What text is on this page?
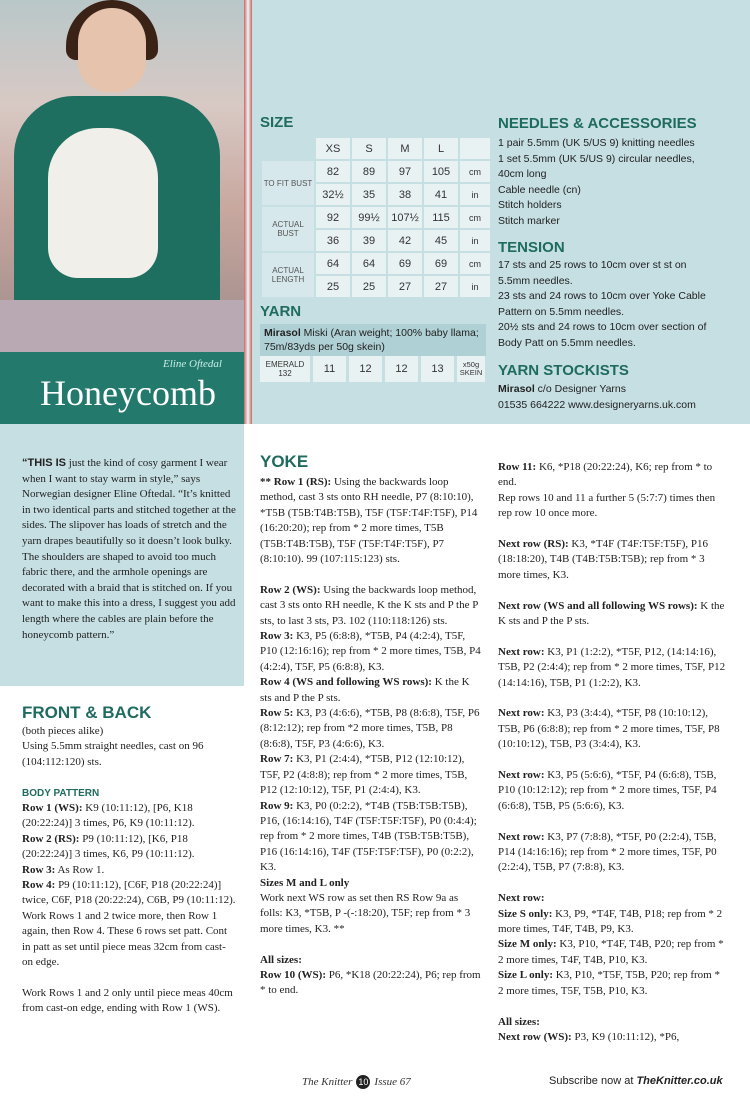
Eline Oftedal
Honeycomb
SIZE
	XS	S	M	L	
TO FIT BUST	82	89	97	105	cm
	32½	35	38	41	in
ACTUAL BUST	92	99½	107½	115	cm
	36	39	42	45	in
ACTUAL LENGTH	64	64	69	69	cm
	25	25	27	27	in
YARN
Mirasol Miski (Aran weight; 100% baby llama; 75m/83yds per 50g skein)
EMERALD 132	11	12	12	13	x50g SKEIN
NEEDLES & ACCESSORIES
1 pair 5.5mm (UK 5/US 9) knitting needles
1 set 5.5mm (UK 5/US 9) circular needles,
40cm long
Cable needle (cn)
Stitch holders
Stitch marker
TENSION
17 sts and 25 rows to 10cm over st st on
5.5mm needles.
23 sts and 24 rows to 10cm over Yoke Cable
Pattern on 5.5mm needles.
20½ sts and 24 rows to 10cm over section of
Body Patt on 5.5mm needles.
YARN STOCKISTS
Mirasol c/o Designer Yarns
01535 664222 www.designeryarns.uk.com
“THIS IS just the kind of cosy garment I wear when I want to stay warm in style,” says Norwegian designer Eline Oftedal. “It’s knitted in two identical parts and stitched together at the sides. The slipover has loads of stretch and the yarn drapes beautifully so it doesn’t look bulky. The shoulders are shaped to avoid too much fabric there, and the armhole openings are decorated with a braid that is stitched on. If you want to make this into a dress, I suggest you add length where the cables are plain before the honeycomb pattern.”
FRONT & BACK

(both pieces alike)

Using 5.5mm straight needles, cast on 96 (104:112:120) sts.

BODY PATTERN

Row 1 (WS): K9 (10:11:12), [P6, K18 (20:22:24)] 3 times, P6, K9 (10:11:12).

Row 2 (RS): P9 (10:11:12), [K6, P18 (20:22:24)] 3 times, K6, P9 (10:11:12).

Row 3: As Row 1.

Row 4: P9 (10:11:12), [C6F, P18 (20:22:24)] twice, C6F, P18 (20:22:24), C6B, P9 (10:11:12).

Work Rows 1 and 2 twice more, then Row 1 again, then Row 4. These 6 rows set patt. Cont in patt as set until piece meas 32cm from cast-on edge.

Work Rows 1 and 2 only until piece meas 40cm from cast-on edge, ending with Row 1 (WS).

YOKE

** Row 1 (RS): Using the backwards loop method, cast 3 sts onto RH needle, P7 (8:10:10), *T5B (T5B:T4B:T5B), T5F (T5F:T4F:T5F), P14 (16:20:20); rep from * 2 more times, T5B (T5B:T4B:T5B), T5F (T5F:T4F:T5F), P7 (8:10:10). 99 (107:115:123) sts.

Row 2 (WS): Using the backwards loop method, cast 3 sts onto RH needle, K the K sts and P the P sts, to last 3 sts, P3. 102 (110:118:126) sts.

Row 3: K3, P5 (6:8:8), *T5B, P4 (4:2:4), T5F, P10 (12:16:16); rep from * 2 more times, T5B, P4 (4:2:4), T5F, P5 (6:8:8), K3.

Row 4 (WS and following WS rows): K the K sts and P the P sts.

Row 5: K3, P3 (4:6:6), *T5B, P8 (8:6:8), T5F, P6 (8:12:12); rep from *2 more times, T5B, P8 (8:6:8), T5F, P3 (4:6:6), K3.

Row 7: K3, P1 (2:4:4), *T5B, P12 (12:10:12), T5F, P2 (4:8:8); rep from * 2 more times, T5B, P12 (12:10:12), T5F, P1 (2:4:4), K3.

Row 9: K3, P0 (0:2:2), *T4B (T5B:T5B:T5B), P16, (16:14:16), T4F (T5F:T5F:T5F), P0 (0:4:4); rep from * 2 more times, T4B (T5B:T5B:T5B), P16 (16:14:16), T4F (T5F:T5F:T5F), P0 (0:2:2), K3.

Sizes M and L only

Work next WS row as set then RS Row 9a as folls: K3, *T5B, P -(-:18:20), T5F; rep from * 3 more times, K3. **

All sizes:

Row 10 (WS): P6, *K18 (20:22:24), P6; rep from * to end.

Row 11: K6, *P18 (20:22:24), K6; rep from * to end.

Rep rows 10 and 11 a further 5 (5:7:7) times then rep row 10 once more.

Next row (RS): K3, *T4F (T4F:T5F:T5F), P16 (18:18:20), T4B (T4B:T5B:T5B); rep from * 3 more times, K3.

Next row (WS and all following WS rows): K the K sts and P the P sts.

Next row: K3, P1 (1:2:2), *T5F, P12, (14:14:16), T5B, P2 (2:4:4); rep from * 2 more times, T5F, P12 (14:14:16), T5B, P1 (1:2:2), K3.

Next row: K3, P3 (3:4:4), *T5F, P8 (10:10:12), T5B, P6 (6:8:8); rep from * 2 more times, T5F, P8 (10:10:12), T5B, P3 (3:4:4), K3.

Next row: K3, P5 (5:6:6), *T5F, P4 (6:6:8), T5B, P10 (10:12:12); rep from * 2 more times, T5F, P4 (6:6:8), T5B, P5 (5:6:6), K3.

Next row: K3, P7 (7:8:8), *T5F, P0 (2:2:4), T5B, P14 (14:16:16); rep from * 2 more times, T5F, P0 (2:2:4), T5B, P7 (7:8:8), K3.

Next row:

Size S only: K3, P9, *T4F, T4B, P18; rep from * 2 more times, T4F, T4B, P9, K3.

Size M only: K3, P10, *T4F, T4B, P20; rep from * 2 more times, T4F, T4B, P10, K3.

Size L only: K3, P10, *T5F, T5B, P20; rep from * 2 more times, T5F, T5B, P10, K3.

All sizes:

Next row (WS): P3, K9 (10:11:12), *P6,

The Knitter 10 Issue 67	Subscribe now at TheKnitter.co.uk
